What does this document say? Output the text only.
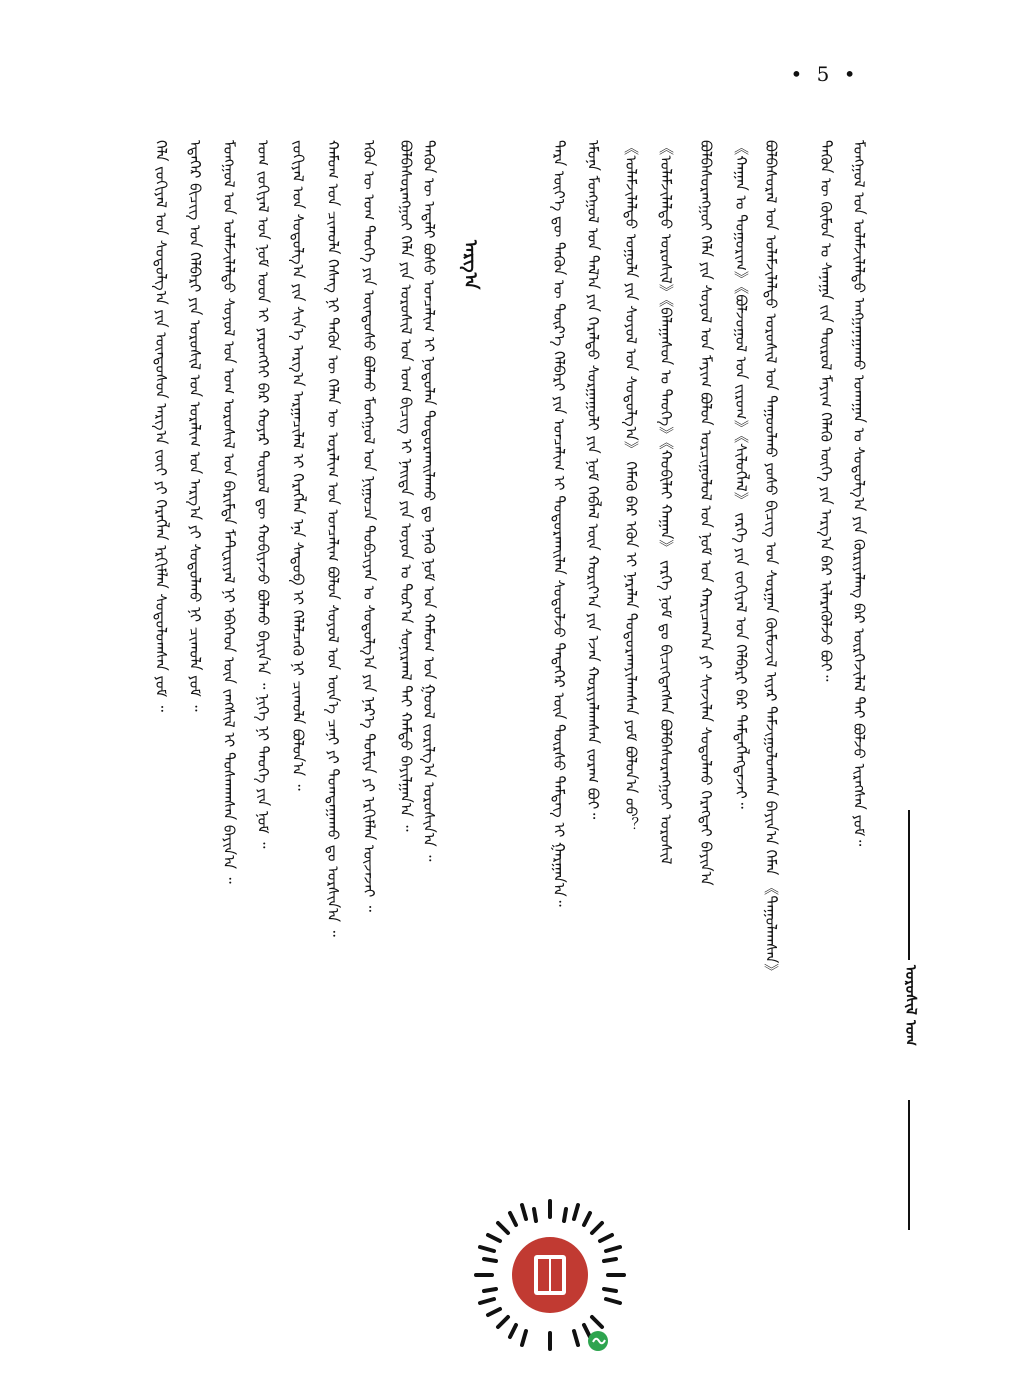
• 5 •
ᠣᠷᠤᠰᠢᠯ ᠤᠭ
ᠠᠷᠭ᠎ᠠ	ᠮᠣᠩᠭᠣᠯ ᠤᠨ ᠤᠯᠠᠮᠵᠢᠯᠠᠯᠲᠤ ᠠᠩᠭᠠᠨᠠᠭᠠᠬᠤ ᠤᠬᠠᠭᠠᠨ ᠤ ᠰᠤᠳᠤᠯᠭ᠎ᠠ ᠶᠢᠨ ᠬᠦᠷᠢᠶᠡᠯᠡᠩ ᠪᠡᠷ ᠦᠷᠭᠡᠵᠢᠯᠡᠯ ᠲᠠᠢ ᠪᠣᠯᠵᠤ ᠢᠷᠡᠭᠰᠡᠨ ᠶᠤᠮ᠃
ᠲᠡᠭᠦᠨ ᠦ ᠬᠦᠮᠦᠨ ᠤ ᠰᠠᠨᠠᠭᠠ ᠵᠢᠨ ᠲᠦᠷᠦᠯ ᠮᠠᠶᠢᠭ ᠬᠡᠯᠡᠬᠦ ᠦᠭᠡ ᠶᠢᠨ ᠠᠷᠭ᠎ᠠ ᠪᠠᠷ ᠢᠯᠡᠷᠡᠭᠦᠯᠵᠦ ᠪᠣᠢ᠃
ᠪᠣᠯᠪᠠᠰᠤᠷᠠᠯ ᠤᠨ ᠤᠯᠠᠮᠵᠢᠯᠠᠯᠲᠤ ᠣᠷᠤᠰᠢᠯ ᠤᠨ ᠳᠠᠭᠤᠤᠯᠬᠤ ᠶᠣᠰᠤ ᠪᠢᠴᠢᠭ ᠤᠨ ᠰᠤᠷᠭᠠᠨ ᠬᠦᠮᠦᠵᠢᠯ ᠢᠶᠡᠷ ᠳᠠᠮᠵᠢᠭᠤᠯᠤᠭᠰᠠᠨ ᠪᠠᠶᠢᠨ᠎ᠠ ᠬᠡᠮᠡᠨ 《ᠲᠠᠭᠤᠯᠠᠭᠰᠠᠨ》
《ᠬᠠᠭᠠᠨ ᠤ ᠲᠣᠭᠣᠷᠢᠭ》《ᠪᠣᠯᠵᠣᠭᠤᠯ ᠤᠨ ᠵᠢᠷᠤᠭ》《ᠰᠢᠯᠦᠭᠯᠡᠯ》 ᠵᠡᠷᠭᠡ ᠶᠢᠨ ᠵᠣᠬᠢᠶᠠᠯ ᠤᠨ ᠬᠡᠯᠪᠡᠷᠢ ᠪᠡᠷ ᠲᠡᠮᠳᠡᠭᠯᠡᠭᠳᠡᠵᠡᠢ᠃
ᠪᠣᠯᠪᠠᠰᠤᠷᠠᠩᠭᠤᠢ ᠬᠡᠯᠡ ᠶᠢᠨ ᠰᠣᠶᠣᠯ ᠤᠨ ᠮᠠᠶᠢᠭ ᠪᠣᠯᠤᠨ ᠤᠷᠴᠢᠭᠤᠯᠤᠯ ᠤᠨ ᠨᠣᠮ ᠤᠨ ᠬᠠᠷᠢᠴᠠᠭ᠎ᠠ ᠶᠢ ᠰᠢᠨᠵᠢᠯᠡᠨ ᠰᠤᠳᠤᠯᠬᠤ ᠬᠡᠷᠡᠭᠲᠡᠢ ᠪᠠᠶᠢᠨ᠎ᠠ
《ᠤᠯᠠᠮᠵᠢᠯᠠᠯᠲᠤ ᠤᠷᠤᠰᠢᠯ》《ᠪᠠᠯᠠᠭᠠᠰᠤᠨ ᠤ ᠲᠡᠦᠬᠡ》《ᠬᠤᠪᠢᠯᠠᠢ ᠬᠠᠭᠠᠨ》 ᠵᠡᠷᠭᠡ ᠨᠣᠮ ᠳᠤ ᠪᠢᠴᠢᠭᠳᠡᠭᠰᠡᠨ ᠪᠣᠯᠪᠠᠰᠤᠷᠠᠩᠭᠤᠢ ᠤᠷᠤᠰᠢᠯ
《ᠤᠯᠠᠮᠵᠢᠯᠠᠯᠲᠤ ᠤᠭᠤᠯᠠ ᠶᠢᠨ ᠰᠣᠶᠣᠯ ᠤᠨ ᠰᠤᠳᠤᠯᠭ᠎ᠠ》 ᠬᠡᠮᠡᠬᠦ ᠪᠠᠷ ᠡᠭᠦᠨ ᠢ ᠨᠡᠷᠡᠯᠡᠨ ᠲᠣᠳᠤᠷᠬᠠᠶᠢᠯᠠᠭᠰᠠᠨ ᠶᠤᠮ ᠪᠣᠯᠤᠨ᠎ᠠ ᠤᠤ？
ᠡᠮᠦᠨᠡ ᠮᠣᠩᠭᠣᠯ ᠤᠨ ᠲᠠᠯ᠎ᠠ ᠶᠢᠨ ᠭᠡᠷᠡᠯᠲᠦ ᠰᠤᠷᠭᠠᠭᠤᠯᠢ ᠶᠢᠨ ᠨᠣᠮ ᠬᠡᠪᠯᠡᠯ ᠦᠨ ᠬᠣᠷᠢᠶ᠎ᠠ ᠶᠢᠨ ᠡᠵᠡᠨ ᠬᠣᠷᠢᠶᠠᠯᠠᠭᠰᠠᠨ ᠵᠤᠷᠠᠭ ᠪᠤᠢ᠃
ᠲᠡᠷᠡ ᠦᠶ᠎ᠡ ᠳᠦ ᠲᠡᠭᠦᠨ ᠦ ᠳᠦᠷ᠎ᠡ ᠬᠡᠯᠪᠡᠷᠢ ᠶᠢᠨ ᠣᠨᠴᠠᠯᠢᠭ ᠢ ᠲᠣᠳᠤᠷᠬᠠᠢᠯᠠᠨ ᠰᠤᠳᠤᠯᠵᠤ ᠲᠡᠳᠡᠭᠡᠷ ᠦᠨ ᠳᠦᠷᠰᠦ ᠲᠡᠮᠳᠡᠭ ᠢ ᠭᠠᠷᠭᠠᠨ᠎ᠠ᠃
ᠪᠣᠯᠪᠠᠰᠤᠷᠠᠩᠭᠤᠢ ᠬᠡᠯᠡ ᠶᠢᠨ ᠣᠷᠤᠰᠢᠯ ᠤᠨ ᠤᠭ ᠪᠢᠴᠢᠭ ᠢ ᠨᠡᠢᠲᠡ ᠶᠢᠨ ᠣᠶᠤᠨ ᠤ ᠳᠤᠷ᠎ᠠ ᠰᠣᠨᠢᠷᠬᠠᠯ ᠲᠠᠶ ᠬᠠᠮᠲᠤ ᠪᠠᠶᠢᠯᠭᠠᠨ᠎ᠠ ᠃
ᠡᠭᠦᠨ ᠦ ᠤᠭ ᠲᠡᠦᠬᠡ ᠶᠢᠨ ᠦᠨᠳᠦᠰᠦ ᠪᠣᠯᠬᠤ ᠮᠣᠩᠭᠣᠯ ᠤᠨ ᠨᠢᠭᠤᠴᠠ ᠲᠣᠪᠴᠢᠶᠠᠨ ᠤ ᠰᠤᠳᠤᠯᠭ᠎ᠠ ᠶᠢᠨ ᠨᠡᠷ᠎ᠡ ᠲᠣᠮᠢᠶᠠ ᠶᠢ ᠡᠷᠬᠢᠮᠯᠡᠨ ᠦᠵᠡᠵᠡᠢ ᠃
ᠬᠠᠮᠤᠭ ᠤᠨ ᠴᠢᠬᠤᠯᠠ ᠬᠡᠰᠡᠭ ᠨᠢ ᠲᠡᠭᠦᠨ ᠦ ᠬᠡᠯᠡᠨ ᠦ ᠤᠷᠠᠯᠢᠭ ᠤᠨ ᠣᠨᠴᠠᠯᠢᠭ ᠪᠣᠯᠤᠨ ᠰᠣᠶᠣᠯ ᠤᠨ ᠦᠨ᠎ᠡ ᠴᠡᠨᠢ ᠶᠢ ᠲᠣᠭᠲᠠᠭᠠᠬᠤ ᠳᠤ ᠣᠷᠰᠢᠨ᠎ᠠ ᠃
ᠵᠣᠬᠢᠶᠠᠯ ᠤᠨ ᠰᠤᠳᠤᠯᠭ᠎ᠠ ᠶᠢᠨ ᠰᠢᠨ᠎ᠡ ᠠᠷᠭ᠎ᠠ ᠠᠷᠭᠠᠴᠢᠯᠠᠯ ᠢ ᠬᠡᠷᠡᠭᠯᠡᠨ ᠡᠨᠡ ᠰᠡᠳᠦᠪ ᠢ ᠬᠡᠯᠡᠯᠴᠡᠬᠦ ᠨᠢ ᠴᠢᠬᠤᠯᠠ ᠪᠣᠯᠤᠨ᠎ᠠ ᠃
ᠤᠭ ᠵᠣᠬᠢᠶᠠᠯ ᠤᠨ ᠨᠣᠮ ᠤᠳ ᠢ ᠶᠡᠷᠦᠩᠬᠡᠢ ᠪᠠᠷ ᠬᠣᠶᠠᠷ ᠲᠦᠷᠦᠯ ᠳᠦ ᠬᠤᠪᠢᠶᠠᠵᠤ ᠪᠣᠯᠬᠤ ᠪᠠᠶᠢᠨ᠎ᠠ ᠃ ᠨᠢᠭᠡ ᠨᠢ ᠲᠡᠦᠬᠡ ᠶᠢᠨ ᠨᠣᠮ ᠃
ᠮᠣᠩᠭᠣᠯ ᠤᠨ ᠤᠯᠠᠮᠵᠢᠯᠠᠯᠲᠤ ᠰᠣᠶᠣᠯ ᠤᠨ ᠤᠭ ᠤᠷᠤᠰᠢᠯ ᠤᠨ ᠪᠠᠷᠢᠮᠲᠠ ᠮᠠᠲ᠋ᠧᠷᠢᠶᠠᠯ ᠨᠢ ᠡᠪᠡᠭᠡᠳ ᠦᠨ ᠵᠠᠩᠰᠢᠯ ᠢ ᠲᠤᠰᠬᠠᠭᠰᠠᠨ ᠪᠠᠶᠢᠨ᠎ᠠ ᠃
ᠡᠳᠡᠭᠡᠷ ᠪᠢᠴᠢᠭ ᠤᠨ ᠬᠡᠯᠪᠡᠷᠢ ᠶᠢᠨ ᠤᠷᠤᠰᠢᠯ ᠤᠨ ᠤᠷᠠᠯᠢᠭ ᠤᠨ ᠠᠷᠭ᠎ᠠ ᠶᠢ ᠰᠤᠳᠤᠯᠬᠤ ᠨᠢ ᠴᠢᠬᠤᠯᠠ ᠶᠤᠮ ᠃
ᠬᠡᠯᠡ ᠵᠣᠬᠢᠶᠠᠯ ᠤᠨ ᠰᠤᠳᠤᠯᠭ᠎ᠠ ᠶᠢᠨ ᠦᠨᠳᠦᠰᠦᠨ ᠠᠷᠭ᠎ᠠ ᠵᠦᠢ ᠶᠢ ᠬᠡᠷᠡᠭᠯᠡᠨ ᠡᠷᠬᠢᠮᠯᠡᠨ ᠰᠤᠳᠤᠯᠤᠭᠰᠠᠨ ᠶᠤᠮ ᠃	ᠲᠡᠭᠦᠨ ᠦ ᠠᠳᠠᠯᠢ ᠪᠤᠰᠤ ᠣᠨᠴᠠᠯᠢᠭ ᠢ ᠨᠣᠳᠤᠯᠠᠨ ᠲᠣᠳᠤᠷᠬᠠᠢᠯᠠᠬᠤ ᠳᠤ ᠡᠨᠡᠬᠦ ᠨᠣᠮ ᠤᠨ ᠬᠠᠮᠤᠭ ᠤᠨ ᠭᠣᠣᠯ ᠵᠣᠷᠢᠯᠭ᠎ᠠ ᠣᠷᠣᠰᠢᠨ᠎ᠠ ᠃
